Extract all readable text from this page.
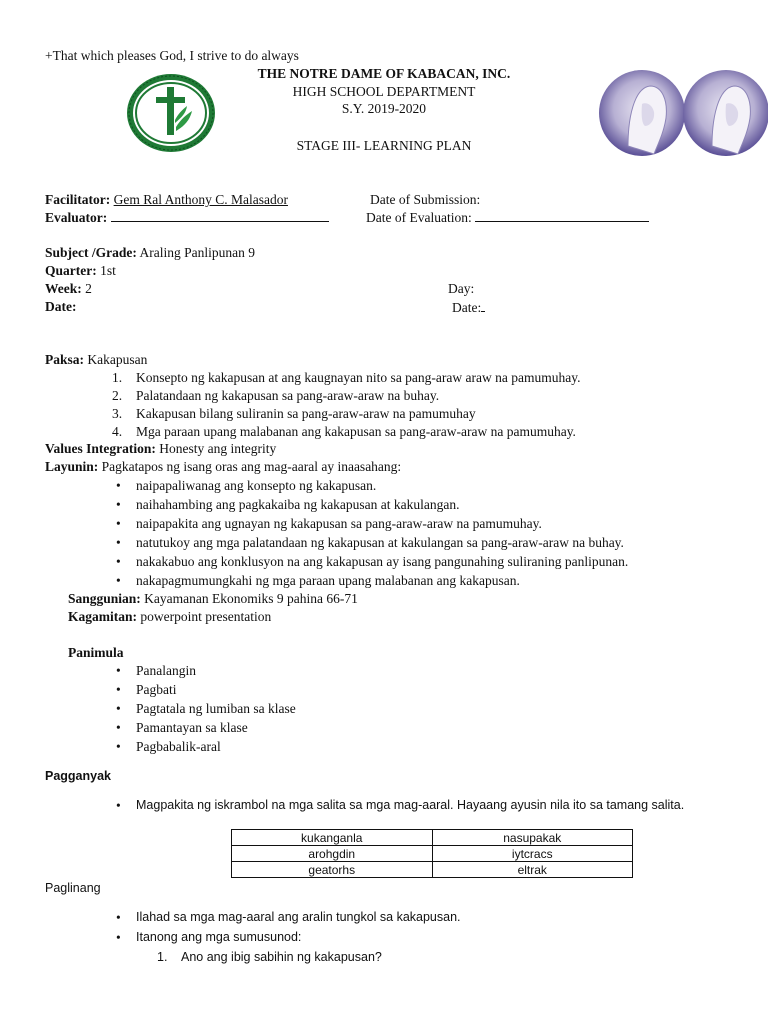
+That which pleases God, I strive to do always
THE NOTRE DAME OF KABACAN, INC.
HIGH SCHOOL DEPARTMENT
S.Y. 2019-2020
STAGE III- LEARNING PLAN
Facilitator: Gem Ral Anthony C. Malasador	Date of Submission:
Evaluator:	Date of Evaluation:
Subject /Grade: Araling Panlipunan 9
Quarter: 1st
Week: 2	Day:
Date:	Date:
Paksa: Kakapusan
1. Konsepto ng kakapusan at ang kaugnayan nito sa pang-araw araw na pamumuhay.
2. Palatandaan ng kakapusan sa pang-araw-araw na buhay.
3. Kakapusan bilang suliranin sa pang-araw-araw na pamumuhay
4. Mga paraan upang malabanan ang kakapusan sa pang-araw-araw na pamumuhay.
Values Integration: Honesty ang integrity
Layunin: Pagkatapos ng isang oras ang mag-aaral ay inaasahang:
• naipapaliwanag ang konsepto ng kakapusan.
• naihahambing ang pagkakaiba ng kakapusan at kakulangan.
• naipapakita ang ugnayan ng kakapusan sa pang-araw-araw na pamumuhay.
• natutukoy ang mga palatandaan ng kakapusan at kakulangan sa pang-araw-araw na buhay.
• nakakabuo ang konklusyon na ang kakapusan ay isang pangunahing suliraning panlipunan.
• nakapagmumungkahi ng mga paraan upang malabanan ang kakapusan.
Sanggunian: Kayamanan Ekonomiks 9 pahina 66-71
Kagamitan: powerpoint presentation
Panimula
• Panalangin
• Pagbati
• Pagtatala ng lumiban sa klase
• Pamantayan sa klase
• Pagbabalik-aral
Pagganyak
• Magpakita ng iskrambol na mga salita sa mga mag-aaral. Hayaang ayusin nila ito sa tamang salita.
kukanganla	nasupakak
arohgdin	iytcracs
geatorhs	eltrak
Paglinang
• Ilahad sa mga mag-aaral ang aralin tungkol sa kakapusan.
• Itanong ang mga sumusunod:
1. Ano ang ibig sabihin ng kakapusan?
